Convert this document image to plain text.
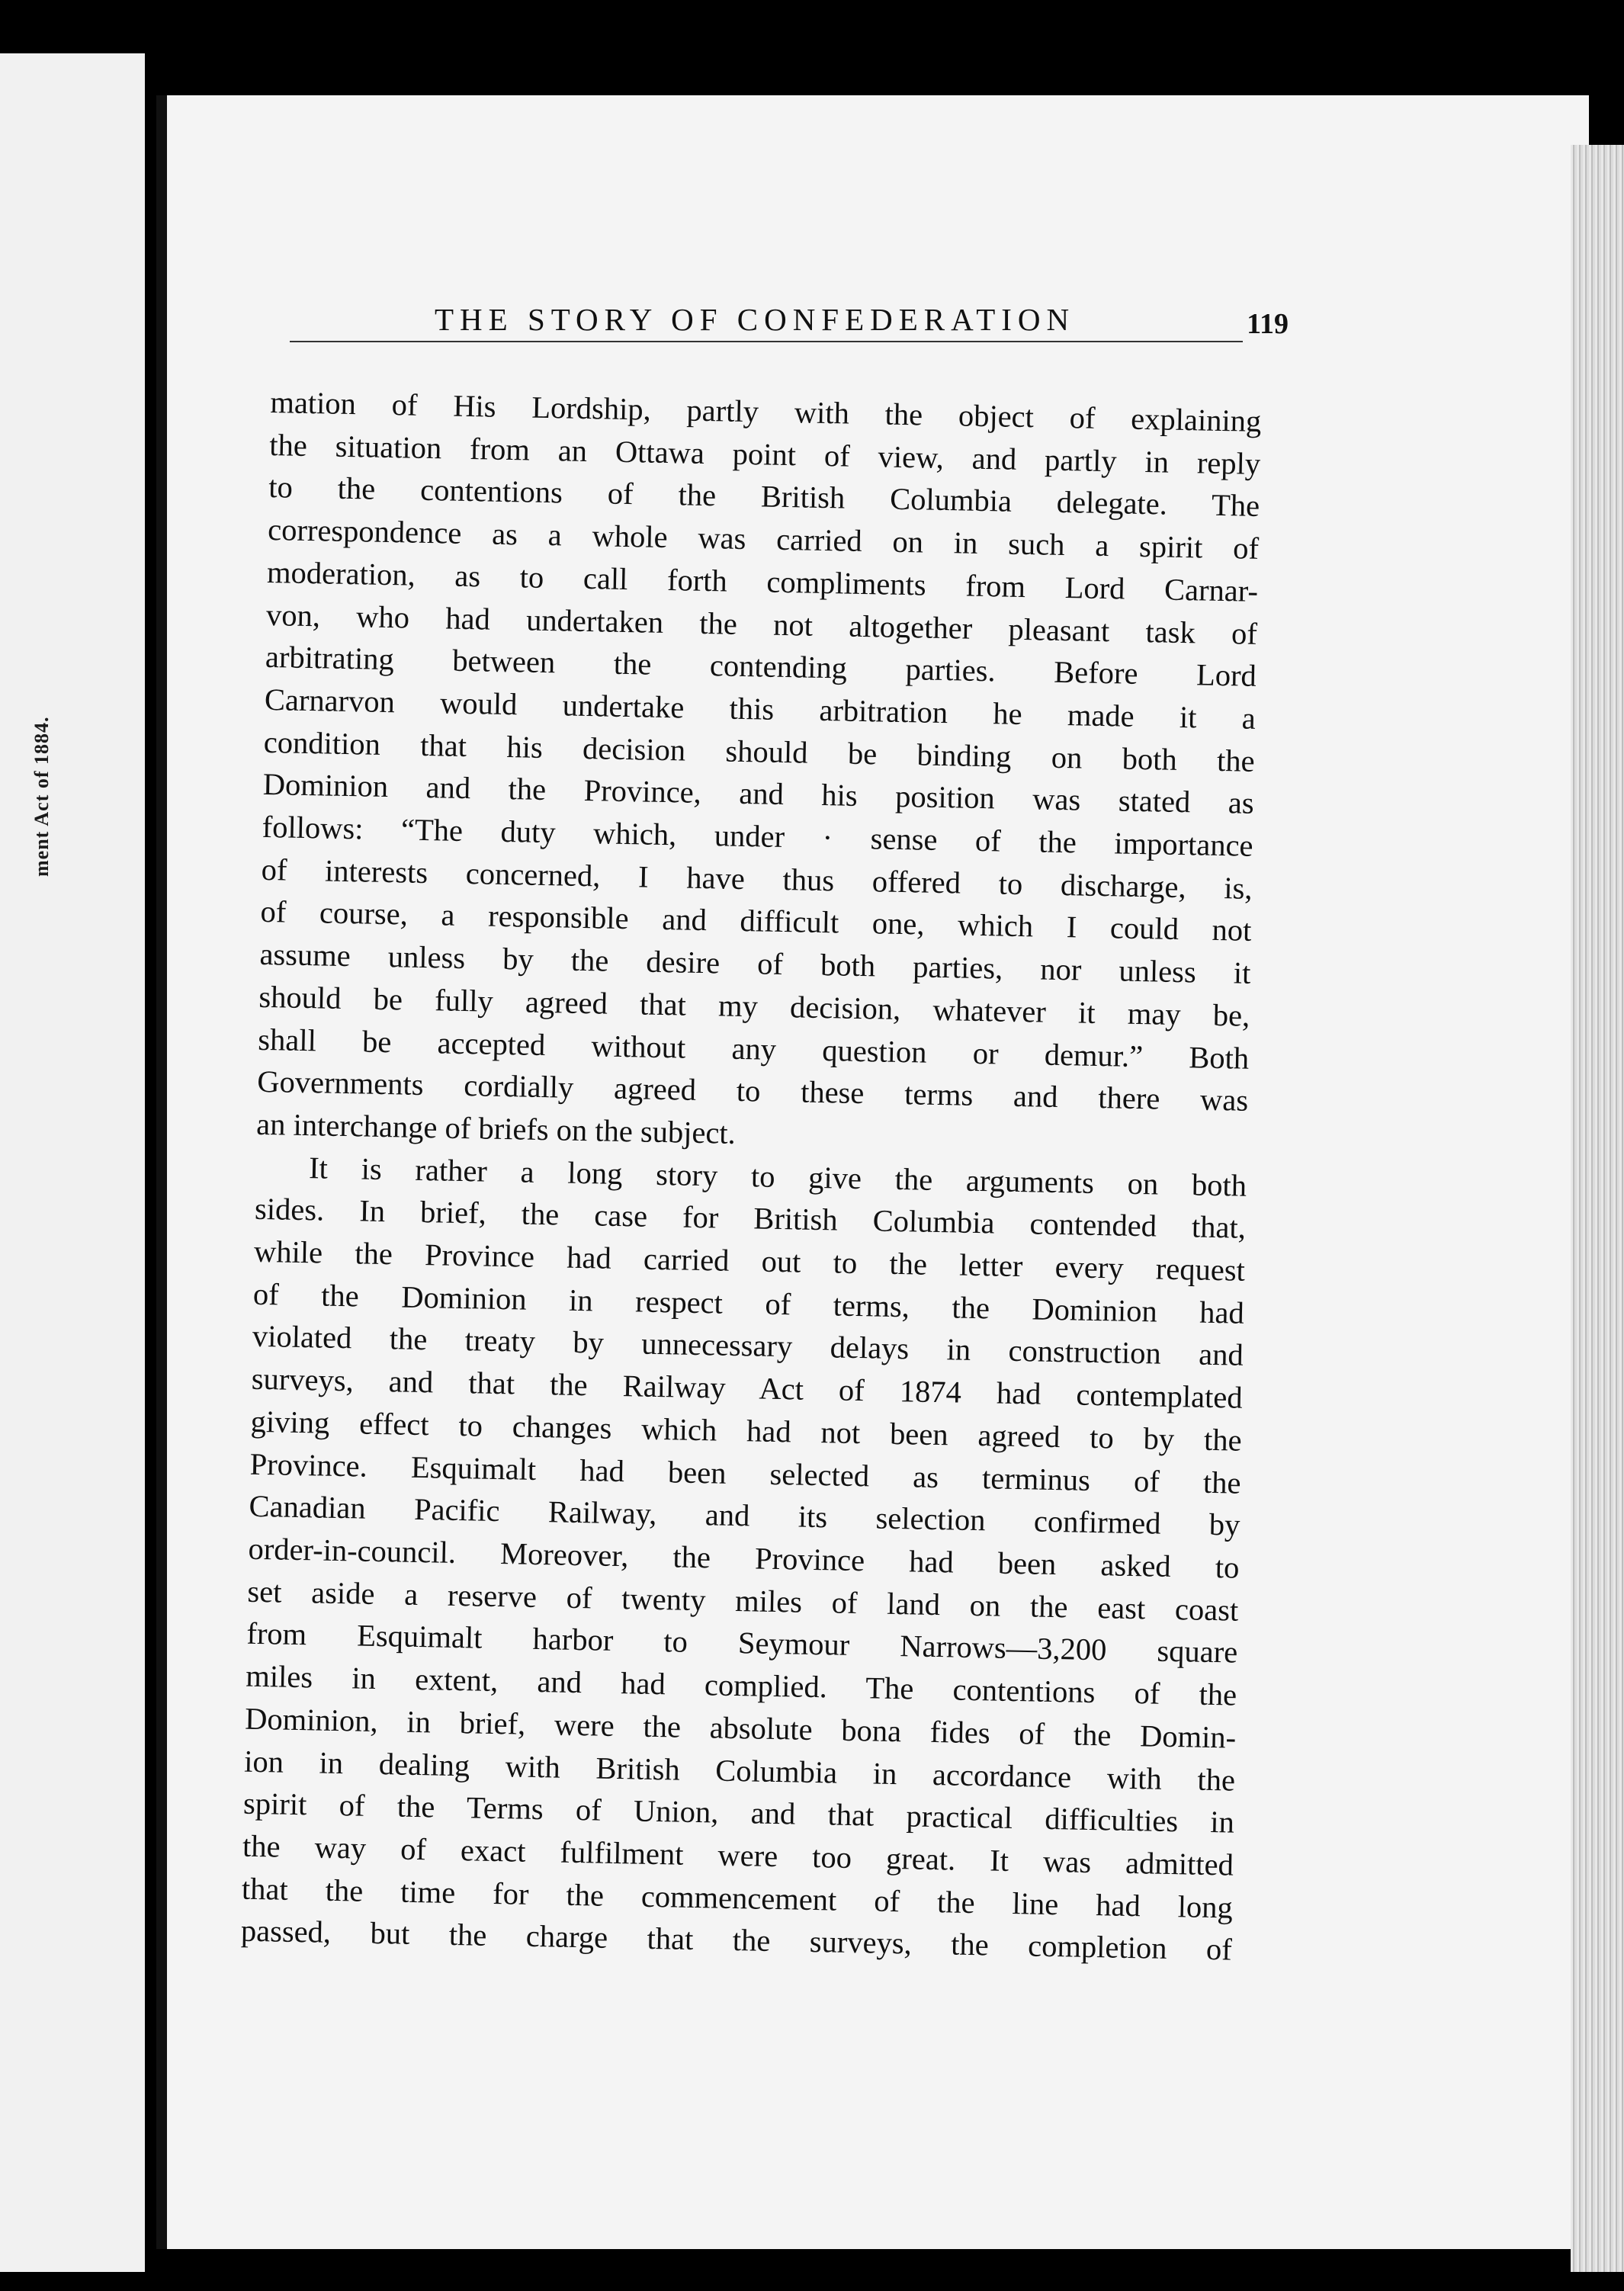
ment Act of 1884.
THE STORY OF CONFEDERATION	119

mation of His Lordship, partly with the object of explaining
the situation from an Ottawa point of view, and partly in reply
to the contentions of the British Columbia delegate. The
correspondence as a whole was carried on in such a spirit of
moderation, as to call forth compliments from Lord Carnar-
von, who had undertaken the not altogether pleasant task of
arbitrating between the contending parties. Before Lord
Carnarvon would undertake this arbitration he made it a
condition that his decision should be binding on both the
Dominion and the Province, and his position was stated as
follows: “The duty which, under · sense of the importance
of interests concerned, I have thus offered to discharge, is,
of course, a responsible and difficult one, which I could not
assume unless by the desire of both parties, nor unless it
should be fully agreed that my decision, whatever it may be,
shall be accepted without any question or demur.” Both
Governments cordially agreed to these terms and there was
an interchange of briefs on the subject.

It is rather a long story to give the arguments on both
sides. In brief, the case for British Columbia contended that,
while the Province had carried out to the letter every request
of the Dominion in respect of terms, the Dominion had
violated the treaty by unnecessary delays in construction and
surveys, and that the Railway Act of 1874 had contemplated
giving effect to changes which had not been agreed to by the
Province. Esquimalt had been selected as terminus of the
Canadian Pacific Railway, and its selection confirmed by
order-in-council. Moreover, the Province had been asked to
set aside a reserve of twenty miles of land on the east coast
from Esquimalt harbor to Seymour Narrows—3,200 square
miles in extent, and had complied. The contentions of the
Dominion, in brief, were the absolute bona fides of the Domin-
ion in dealing with British Columbia in accordance with the
spirit of the Terms of Union, and that practical difficulties in
the way of exact fulfilment were too great. It was admitted
that the time for the commencement of the line had long
passed, but the charge that the surveys, the completion of
